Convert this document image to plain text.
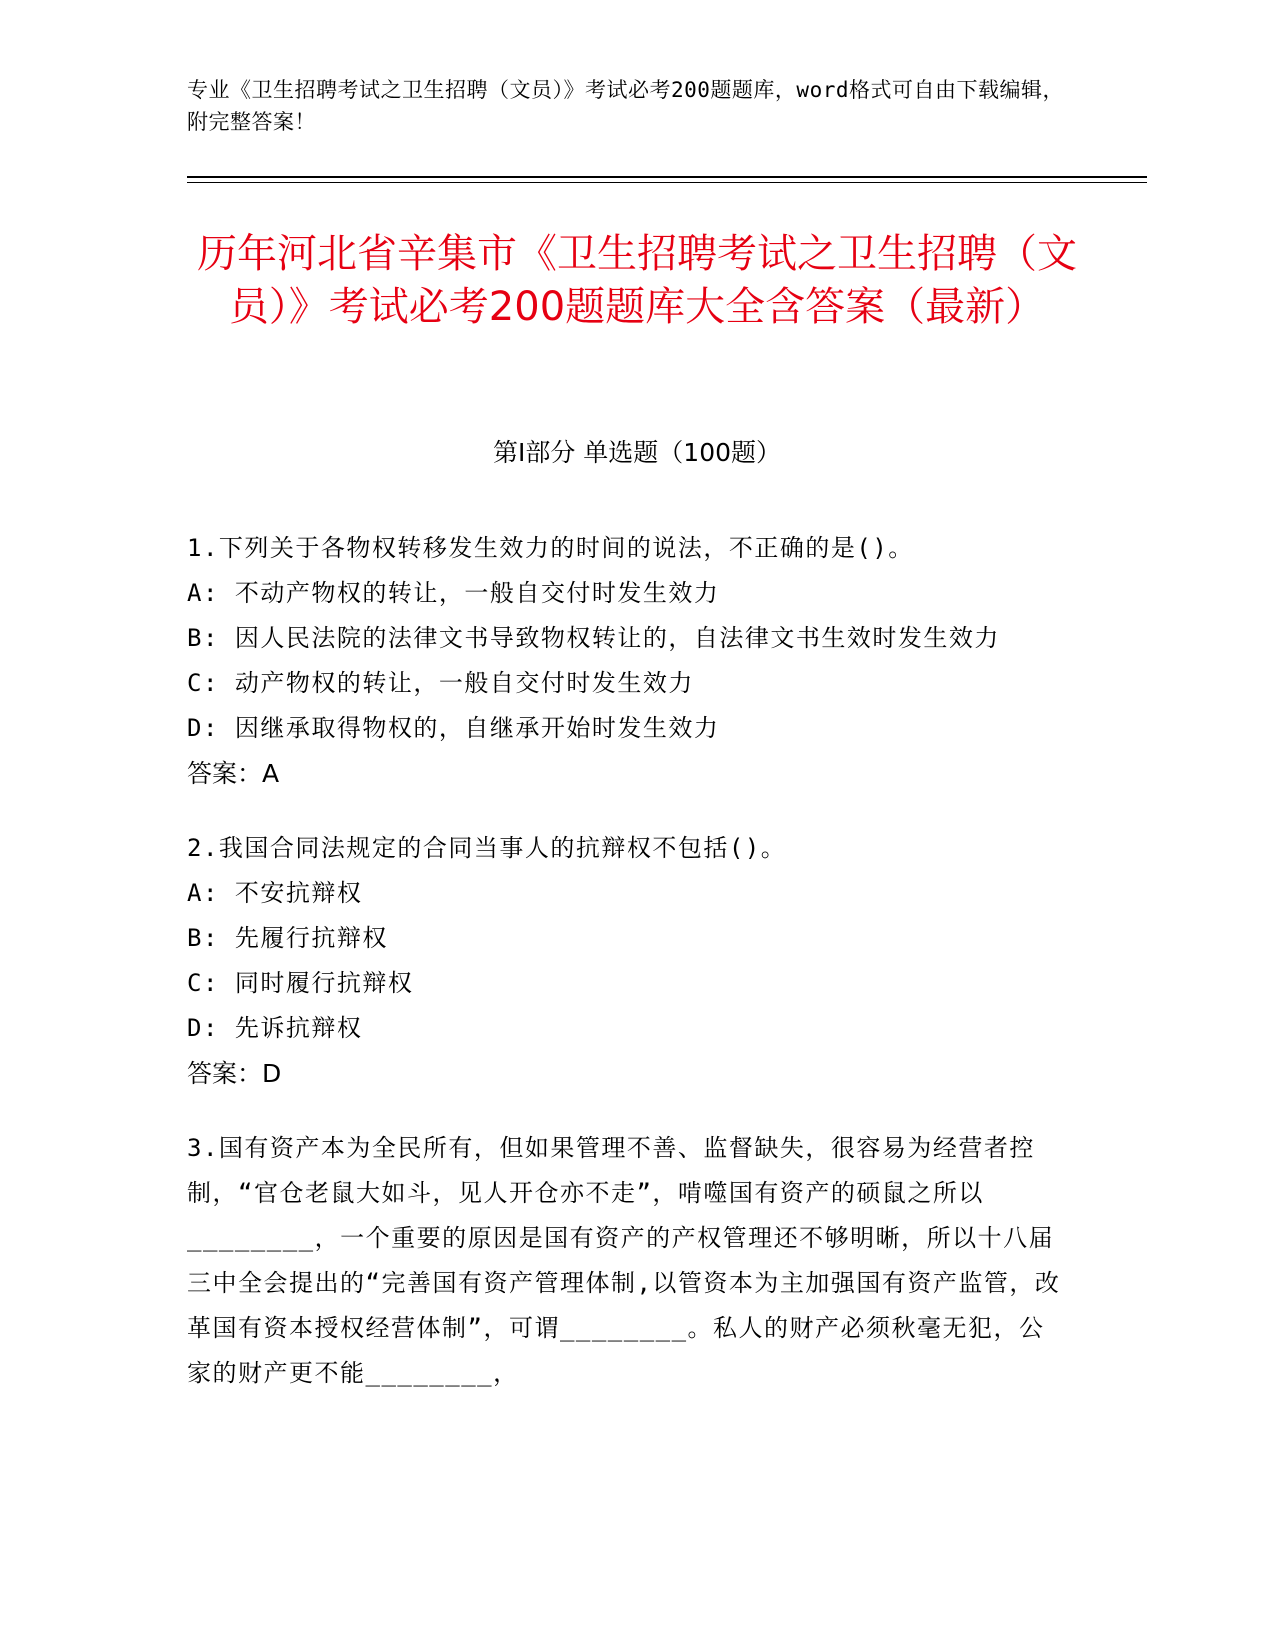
专业《卫生招聘考试之卫生招聘（文员）》考试必考200题题库，word格式可自由下载编辑，附完整答案！
历年河北省辛集市《卫生招聘考试之卫生招聘（文员）》考试必考200题题库大全含答案（最新）
第Ⅰ部分 单选题（100题）

1.下列关于各物权转移发生效力的时间的说法，不正确的是()。

A: 不动产物权的转让，一般自交付时发生效力

B: 因人民法院的法律文书导致物权转让的，自法律文书生效时发生效力

C: 动产物权的转让，一般自交付时发生效力

D: 因继承取得物权的，自继承开始时发生效力

答案：A

2.我国合同法规定的合同当事人的抗辩权不包括()。

A: 不安抗辩权

B: 先履行抗辩权

C: 同时履行抗辩权

D: 先诉抗辩权

答案：D

3.国有资产本为全民所有，但如果管理不善、监督缺失，很容易为经营者控制，“官仓老鼠大如斗，见人开仓亦不走”，啃噬国有资产的硕鼠之所以________，一个重要的原因是国有资产的产权管理还不够明晰，所以十八届三中全会提出的“完善国有资产管理体制,以管资本为主加强国有资产监管，改革国有资本授权经营体制”，可谓________。私人的财产必须秋毫无犯，公家的财产更不能________，
